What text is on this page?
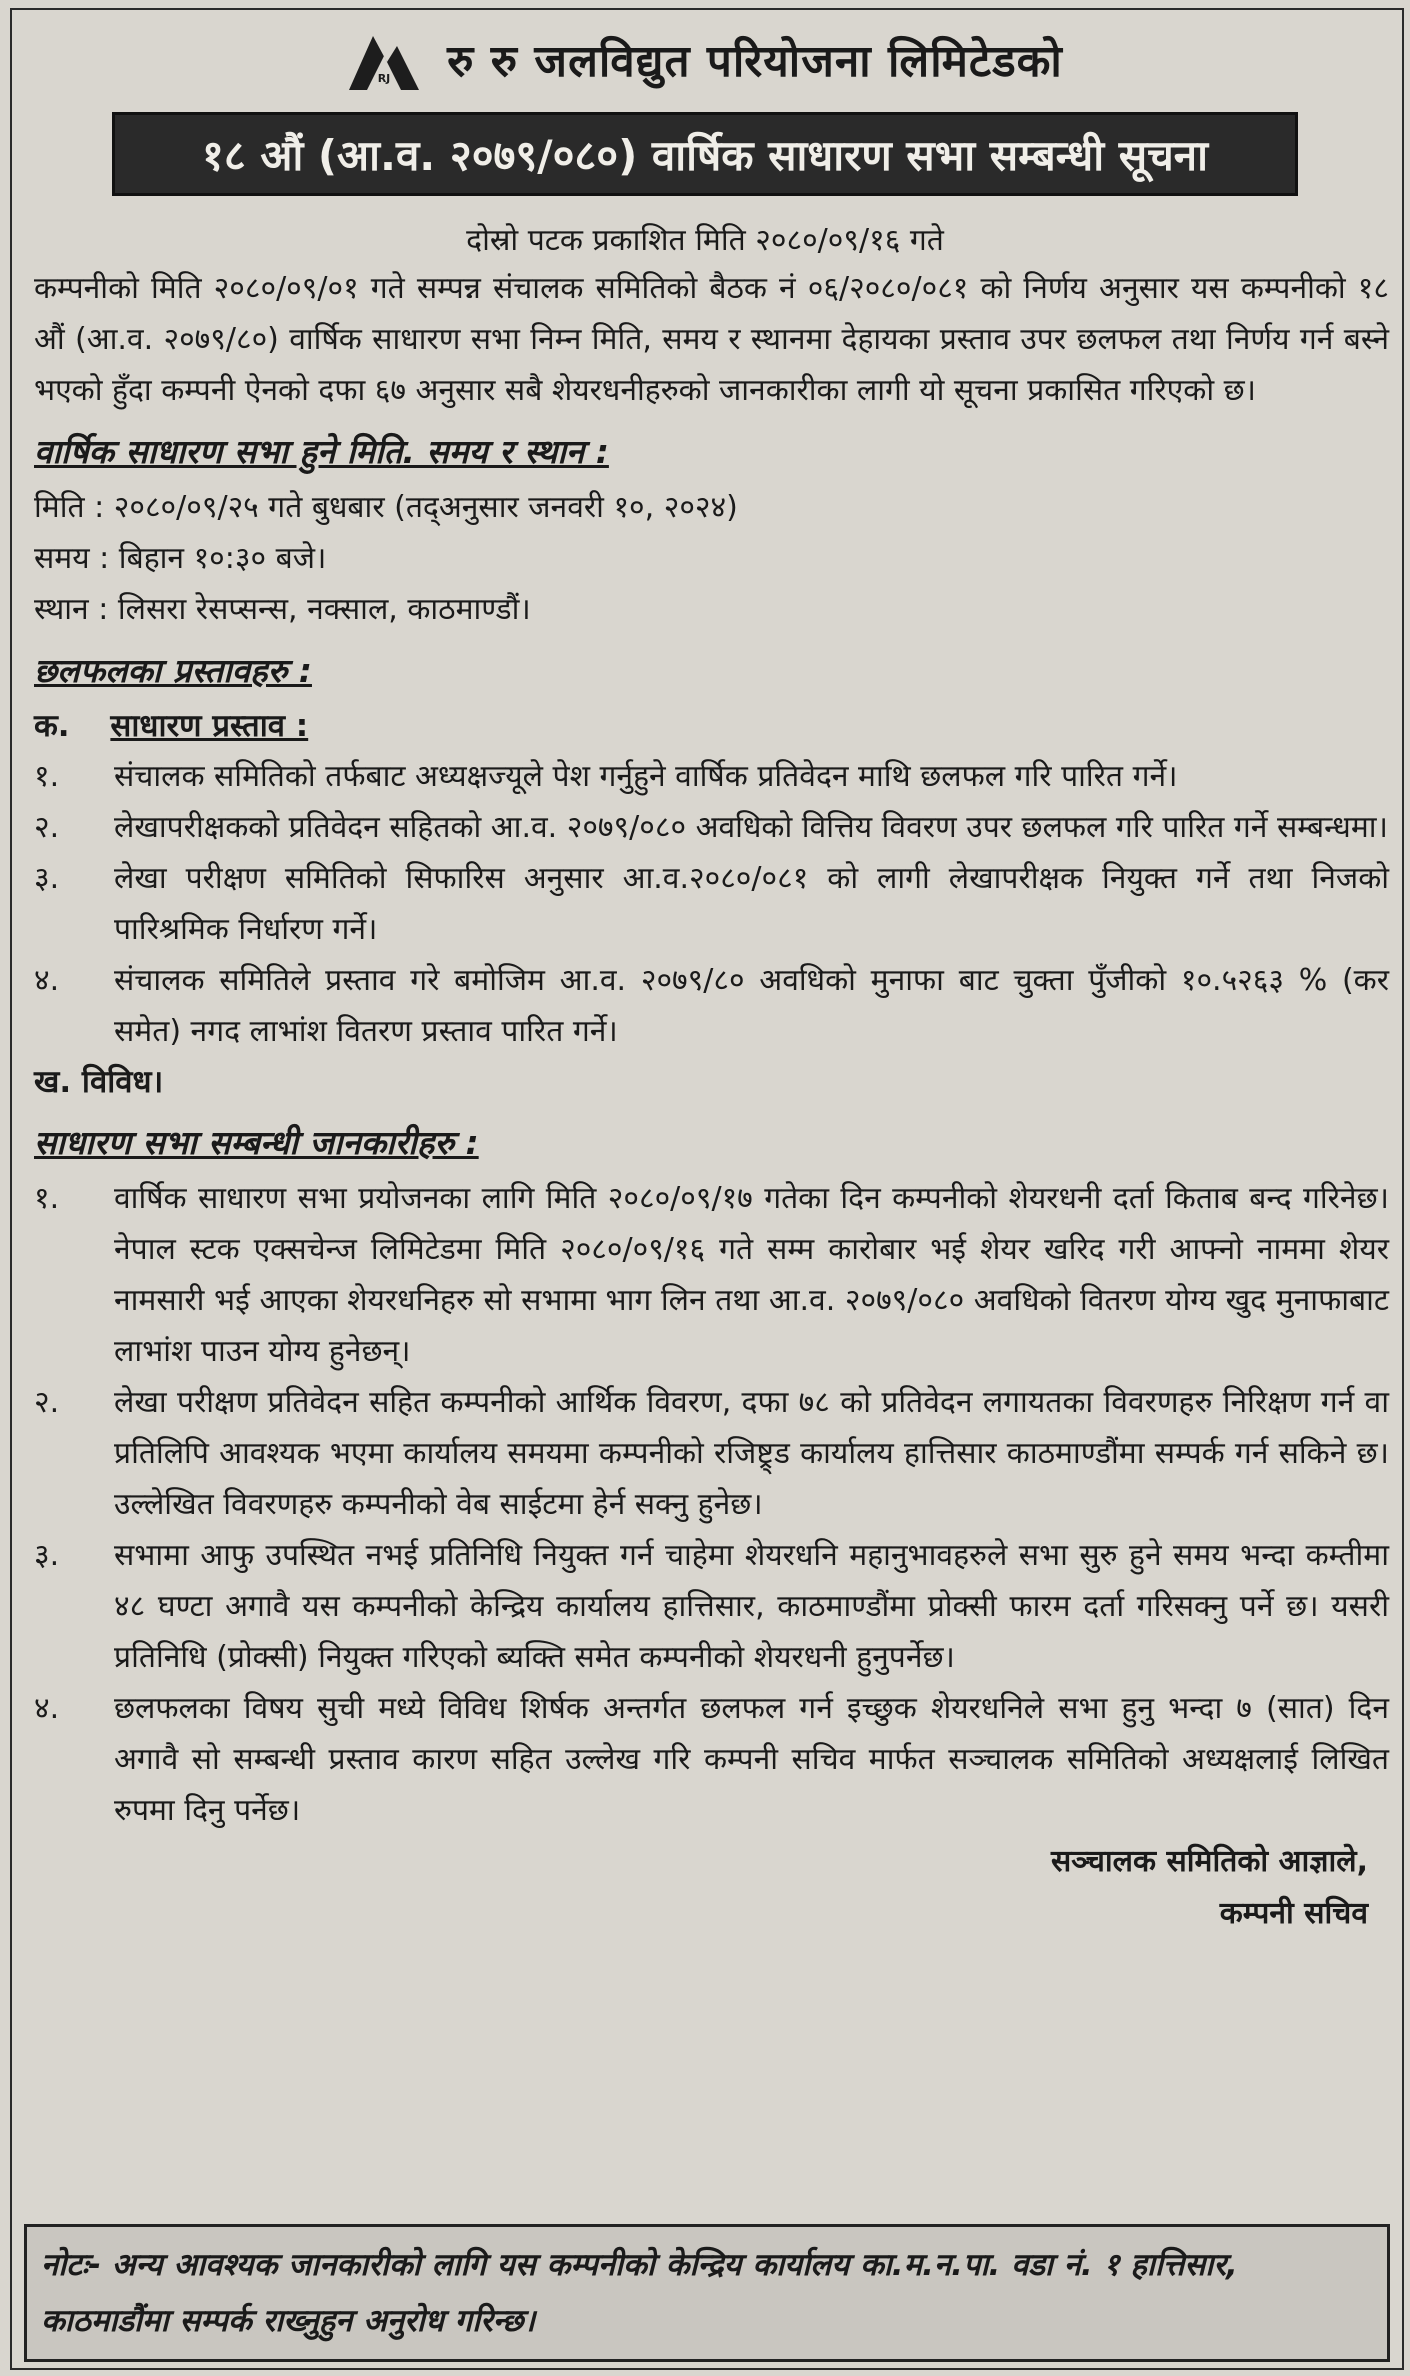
RJ रु रु जलविद्युत परियोजना लिमिटेडको
१८ औं (आ.व. २०७९/०८०) वार्षिक साधारण सभा सम्बन्धी सूचना
दोस्रो पटक प्रकाशित मिति २०८०/०९/१६ गते
कम्पनीको मिति २०८०/०९/०१ गते सम्पन्न संचालक समितिको बैठक नं ०६/२०८०/०८१ को निर्णय अनुसार यस कम्पनीको १८ औं (आ.व. २०७९/८०) वार्षिक साधारण सभा निम्न मिति, समय र स्थानमा देहायका प्रस्ताव उपर छलफल तथा निर्णय गर्न बस्ने भएको हुँदा कम्पनी ऐनको दफा ६७ अनुसार सबै शेयरधनीहरुको जानकारीका लागी यो सूचना प्रकासित गरिएको छ।
वार्षिक साधारण सभा हुने मिति. समय र स्थान :
मिति : २०८०/०९/२५ गते बुधबार (तद्अनुसार जनवरी १०, २०२४)
समय : बिहान १०:३० बजे।
स्थान : लिसरा रेसप्सन्स, नक्साल, काठमाण्डौं।
छलफलका प्रस्तावहरु :
क. साधारण प्रस्ताव :
१.	संचालक समितिको तर्फबाट अध्यक्षज्यूले पेश गर्नुहुने वार्षिक प्रतिवेदन माथि छलफल गरि पारित गर्ने।
२.	लेखापरीक्षकको प्रतिवेदन सहितको आ.व. २०७९/०८० अवधिको वित्तिय विवरण उपर छलफल गरि पारित गर्ने सम्बन्धमा।
३.	लेखा परीक्षण समितिको सिफारिस अनुसार आ.व.२०८०/०८१ को लागी लेखापरीक्षक नियुक्त गर्ने तथा निजको पारिश्रमिक निर्धारण गर्ने।
४.	संचालक समितिले प्रस्ताव गरे बमोजिम आ.व. २०७९/८० अवधिको मुनाफा बाट चुक्ता पुँजीको १०.५२६३ % (कर समेत) नगद लाभांश वितरण प्रस्ताव पारित गर्ने।
ख. विविध।
साधारण सभा सम्बन्धी जानकारीहरु :
१.	वार्षिक साधारण सभा प्रयोजनका लागि मिति २०८०/०९/१७ गतेका दिन कम्पनीको शेयरधनी दर्ता किताब बन्द गरिनेछ। नेपाल स्टक एक्सचेन्ज लिमिटेडमा मिति २०८०/०९/१६ गते सम्म कारोबार भई शेयर खरिद गरी आफ्नो नाममा शेयर नामसारी भई आएका शेयरधनिहरु सो सभामा भाग लिन तथा आ.व. २०७९/०८० अवधिको वितरण योग्य खुद मुनाफाबाट लाभांश पाउन योग्य हुनेछन्।
२.	लेखा परीक्षण प्रतिवेदन सहित कम्पनीको आर्थिक विवरण, दफा ७८ को प्रतिवेदन लगायतका विवरणहरु निरिक्षण गर्न वा प्रतिलिपि आवश्यक भएमा कार्यालय समयमा कम्पनीको रजिष्ट्र्ड कार्यालय हात्तिसार काठमाण्डौंमा सम्पर्क गर्न सकिने छ। उल्लेखित विवरणहरु कम्पनीको वेब साईटमा हेर्न सक्नु हुनेछ।
३.	सभामा आफु उपस्थित नभई प्रतिनिधि नियुक्त गर्न चाहेमा शेयरधनि महानुभावहरुले सभा सुरु हुने समय भन्दा कम्तीमा ४८ घण्टा अगावै यस कम्पनीको केन्द्रिय कार्यालय हात्तिसार, काठमाण्डौंमा प्रोक्सी फारम दर्ता गरिसक्नु पर्ने छ। यसरी प्रतिनिधि (प्रोक्सी) नियुक्त गरिएको ब्यक्ति समेत कम्पनीको शेयरधनी हुनुपर्नेछ।
४.	छलफलका विषय सुची मध्ये विविध शिर्षक अन्तर्गत छलफल गर्न इच्छुक शेयरधनिले सभा हुनु भन्दा ७ (सात) दिन अगावै सो सम्बन्धी प्रस्ताव कारण सहित उल्लेख गरि कम्पनी सचिव मार्फत सञ्चालक समितिको अध्यक्षलाई लिखित रुपमा दिनु पर्नेछ।
सञ्चालक समितिको आज्ञाले,
कम्पनी सचिव
नोटः- अन्य आवश्यक जानकारीको लागि यस कम्पनीको केन्द्रिय कार्यालय का.म.न.पा. वडा नं. १ हात्तिसार, काठमाडौंमा सम्पर्क राख्नुहुन अनुरोध गरिन्छ।
